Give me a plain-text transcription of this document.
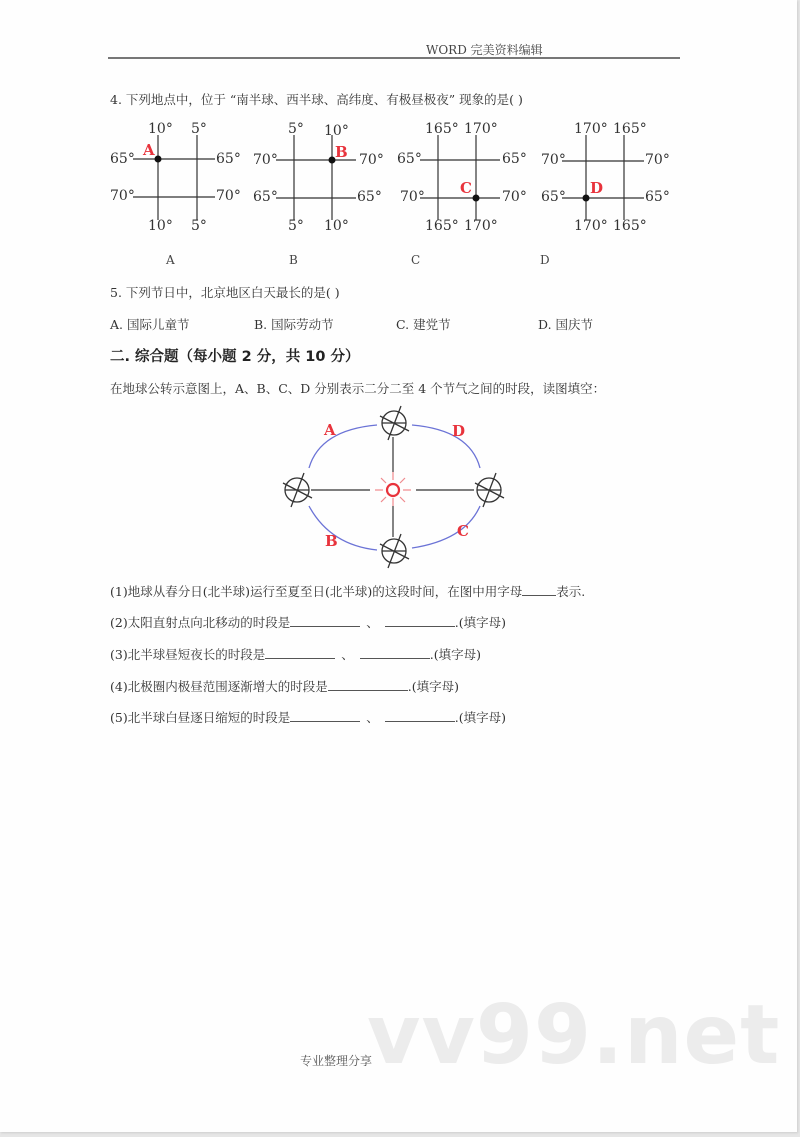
vv99.net
WORD 完美资料编辑
4. 下列地点中，位于 “南半球、西半球、高纬度、有极昼极夜” 现象的是( )
10° 5°
10° 5°
65°
70°
65°
70°
A
5° 10°
5° 10°
70°
65°
70°
65°
B
165° 170°
165° 170°
65°
70°
65°
70°
C
170° 165°
170° 165°
70°
65°
70°
65°
D
A	B	C	D
5. 下列节日中，北京地区白天最长的是( )
A. 国际儿童节	B. 国际劳动节	C. 建党节	D. 国庆节
二. 综合题（每小题 2 分，共 10 分）
在地球公转示意图上，A、B、C、D 分别表示二分二至 4 个节气之间的时段，读图填空：
A
B
C
D
(1)地球从春分日(北半球)运行至夏至日(北半球)的这段时间，在图中用字母	表示.
(2)太阳直射点向北移动的时段是	、	.(填字母)
(3)北半球昼短夜长的时段是	、	.(填字母)
(4)北极圈内极昼范围逐渐增大的时段是	.(填字母)
(5)北半球白昼逐日缩短的时段是	、	.(填字母)
专业整理分享
